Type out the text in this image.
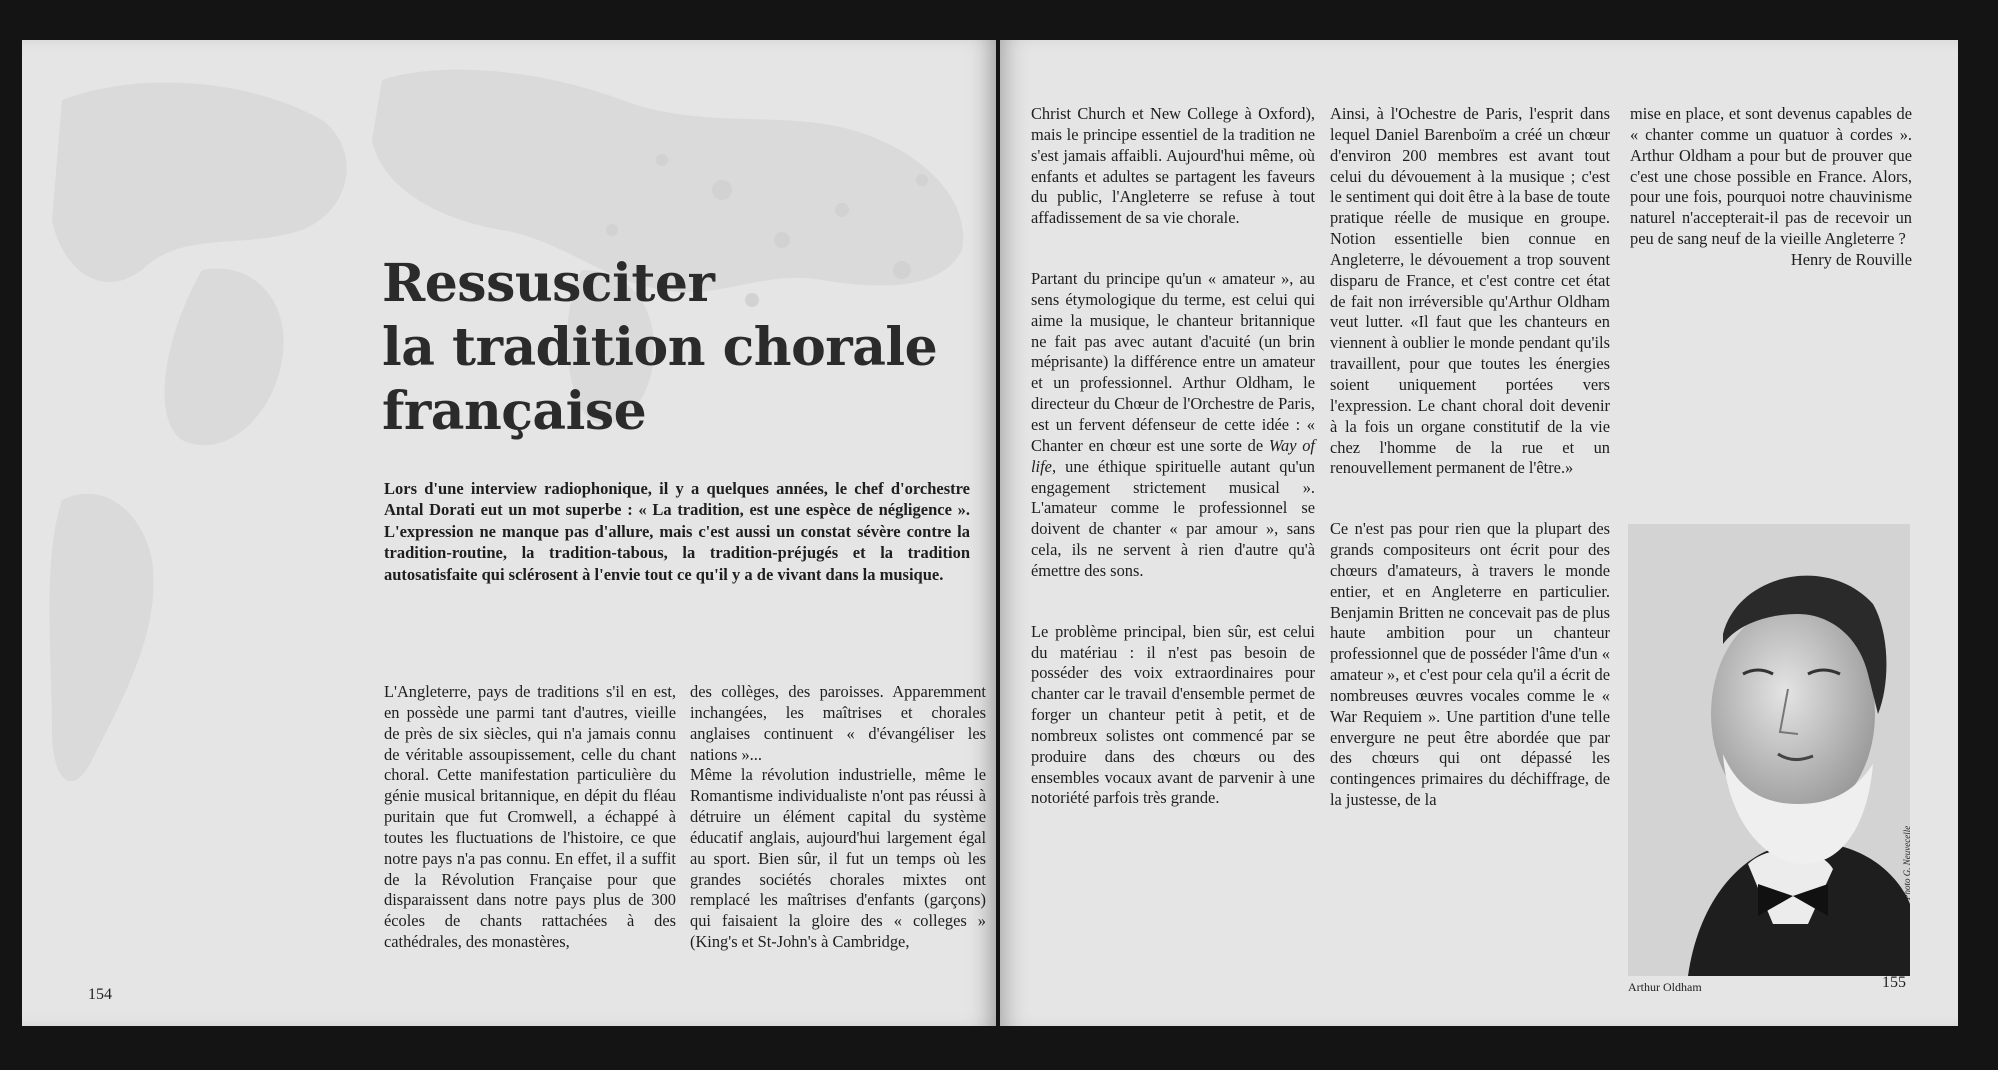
Ressusciter
la tradition chorale
française

Lors d'une interview radiophonique, il y a quelques années, le chef d'orchestre Antal Dorati eut un mot superbe : « La tradition, est une espèce de négligence ». L'expression ne manque pas d'allure, mais c'est aussi un constat sévère contre la tradition-routine, la tradition-tabous, la tradition-préjugés et la tradition autosatisfaite qui sclérosent à l'envie tout ce qu'il y a de vivant dans la musique.

L'Angleterre, pays de traditions s'il en est, en possède une parmi tant d'autres, vieille de près de six siècles, qui n'a jamais connu de véritable assoupissement, celle du chant choral. Cette manifestation particulière du génie musical britannique, en dépit du fléau puritain que fut Cromwell, a échappé à toutes les fluctuations de l'histoire, ce que notre pays n'a pas connu. En effet, il a suffit de la Révolution Française pour que disparaissent dans notre pays plus de 300 écoles de chants rattachées à des cathédrales, des monastères,

des collèges, des paroisses. Apparemment inchangées, les maîtrises et chorales anglaises continuent « d'évangéliser les nations »...

Même la révolution industrielle, même le Romantisme individualiste n'ont pas réussi à détruire un élément capital du système éducatif anglais, aujourd'hui largement égal au sport. Bien sûr, il fut un temps où les grandes sociétés chorales mixtes ont remplacé les maîtrises d'enfants (garçons) qui faisaient la gloire des « colleges » (King's et St-John's à Cambridge,

154

Christ Church et New College à Oxford), mais le principe essentiel de la tradition ne s'est jamais affaibli. Aujourd'hui même, où enfants et adultes se partagent les faveurs du public, l'Angleterre se refuse à tout affadissement de sa vie chorale.

Partant du principe qu'un « amateur », au sens étymologique du terme, est celui qui aime la musique, le chanteur britannique ne fait pas avec autant d'acuité (un brin méprisante) la différence entre un amateur et un professionnel. Arthur Oldham, le directeur du Chœur de l'Orchestre de Paris, est un fervent défenseur de cette idée : « Chanter en chœur est une sorte de Way of life, une éthique spirituelle autant qu'un engagement strictement musical ». L'amateur comme le professionnel se doivent de chanter « par amour », sans cela, ils ne servent à rien d'autre qu'à émettre des sons.

Le problème principal, bien sûr, est celui du matériau : il n'est pas besoin de posséder des voix extraordinaires pour chanter car le travail d'ensemble permet de forger un chanteur petit à petit, et de nombreux solistes ont commencé par se produire dans des chœurs ou des ensembles vocaux avant de parvenir à une notoriété parfois très grande.

Ainsi, à l'Ochestre de Paris, l'esprit dans lequel Daniel Barenboïm a créé un chœur d'environ 200 membres est avant tout celui du dévouement à la musique ; c'est le sentiment qui doit être à la base de toute pratique réelle de musique en groupe. Notion essentielle bien connue en Angleterre, le dévouement a trop souvent disparu de France, et c'est contre cet état de fait non irréversible qu'Arthur Oldham veut lutter. «Il faut que les chanteurs en viennent à oublier le monde pendant qu'ils travaillent, pour que toutes les énergies soient uniquement portées vers l'expression. Le chant choral doit devenir à la fois un organe constitutif de la vie chez l'homme de la rue et un renouvellement permanent de l'être.»

Ce n'est pas pour rien que la plupart des grands compositeurs ont écrit pour des chœurs d'amateurs, à travers le monde entier, et en Angleterre en particulier. Benjamin Britten ne concevait pas de plus haute ambition pour un chanteur professionnel que de posséder l'âme d'un « amateur », et c'est pour cela qu'il a écrit de nombreuses œuvres vocales comme le « War Requiem ». Une partition d'une telle envergure ne peut être abordée que par des chœurs qui ont dépassé les contingences primaires du déchiffrage, de la justesse, de la

mise en place, et sont devenus capables de « chanter comme un quatuor à cordes ». Arthur Oldham a pour but de prouver que c'est une chose possible en France. Alors, pour une fois, pourquoi notre chauvinisme naturel n'accepterait-il pas de recevoir un peu de sang neuf de la vieille Angleterre ?

Henry de Rouville

Arthur Oldham
Photo G. Neuvecelle
155
